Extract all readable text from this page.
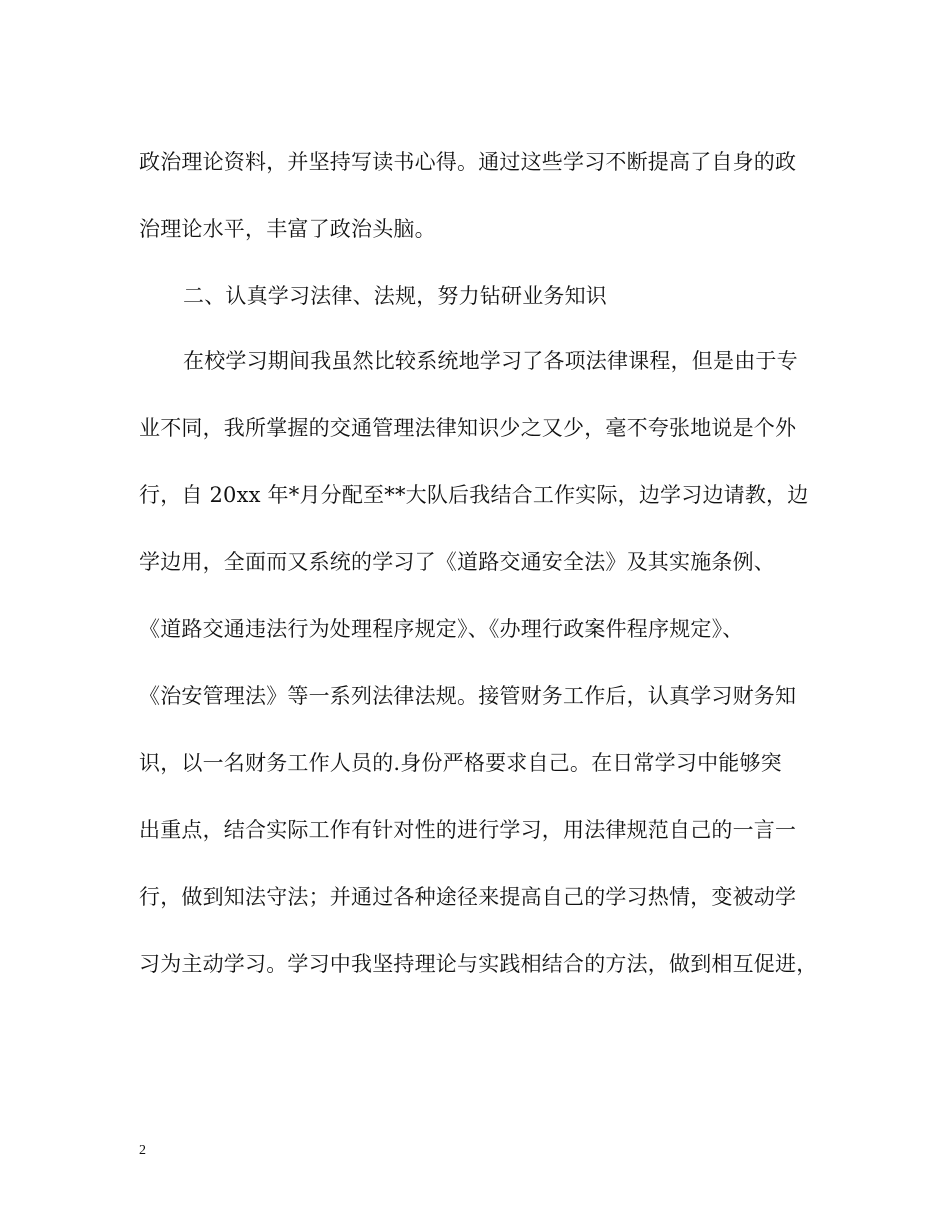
政治理论资料，并坚持写读书心得。通过这些学习不断提高了自身的政
治理论水平，丰富了政治头脑。
二、认真学习法律、法规，努力钻研业务知识
在校学习期间我虽然比较系统地学习了各项法律课程，但是由于专
业不同，我所掌握的交通管理法律知识少之又少，毫不夸张地说是个外
行，自 20xx 年*月分配至**大队后我结合工作实际，边学习边请教，边
学边用，全面而又系统的学习了《道路交通安全法》及其实施条例、
《道路交通违法行为处理程序规定》、《办理行政案件程序规定》、
《治安管理法》等一系列法律法规。接管财务工作后，认真学习财务知
识，以一名财务工作人员的.身份严格要求自己。在日常学习中能够突
出重点，结合实际工作有针对性的进行学习，用法律规范自己的一言一
行，做到知法守法；并通过各种途径来提高自己的学习热情，变被动学
习为主动学习。学习中我坚持理论与实践相结合的方法，做到相互促进，
2
